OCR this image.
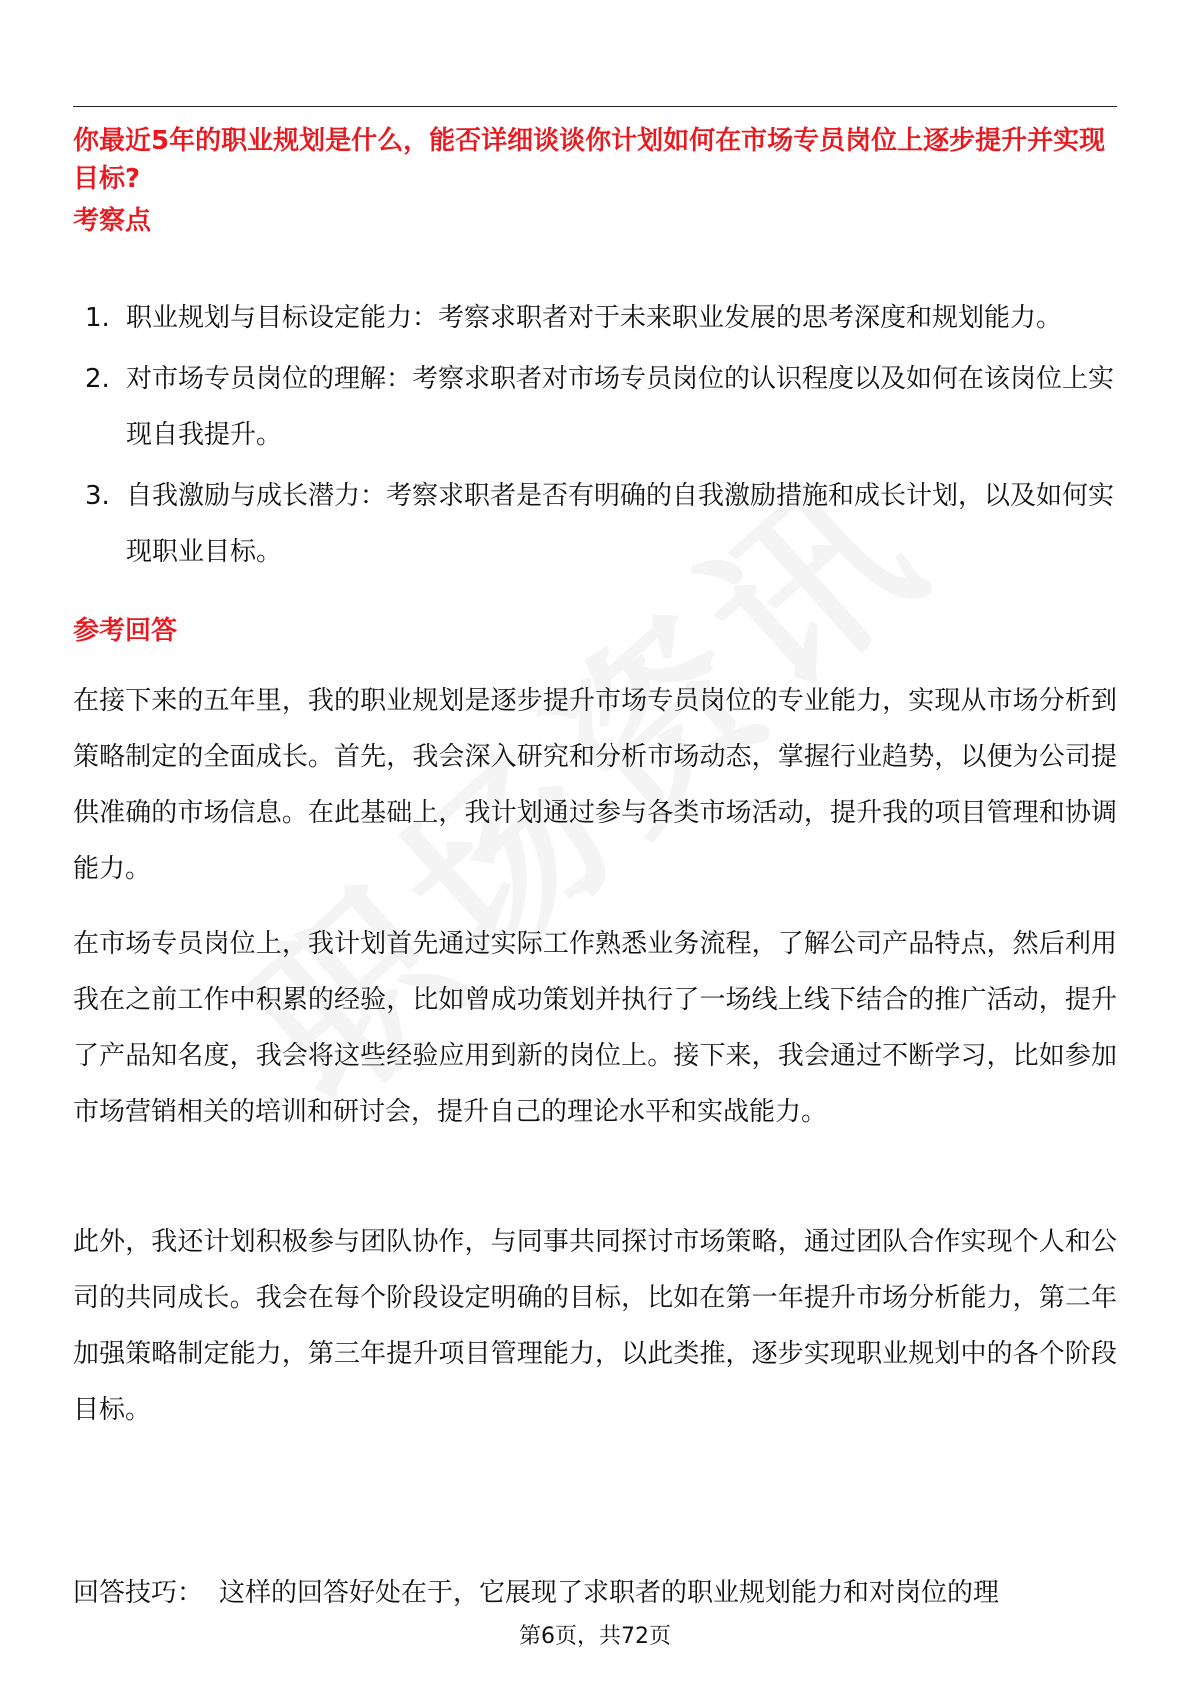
你最近5年的职业规划是什么，能否详细谈谈你计划如何在市场专员岗位上逐步提升并实现目标?
考察点
1. 职业规划与目标设定能力：考察求职者对于未来职业发展的思考深度和规划能力。
2. 对市场专员岗位的理解：考察求职者对市场专员岗位的认识程度以及如何在该岗位上实现自我提升。
3. 自我激励与成长潜力：考察求职者是否有明确的自我激励措施和成长计划，以及如何实现职业目标。
参考回答

在接下来的五年里，我的职业规划是逐步提升市场专员岗位的专业能力，实现从市场分析到策略制定的全面成长。首先，我会深入研究和分析市场动态，掌握行业趋势，以便为公司提供准确的市场信息。在此基础上，我计划通过参与各类市场活动，提升我的项目管理和协调能力。

在市场专员岗位上，我计划首先通过实际工作熟悉业务流程，了解公司产品特点，然后利用我在之前工作中积累的经验，比如曾成功策划并执行了一场线上线下结合的推广活动，提升了产品知名度，我会将这些经验应用到新的岗位上。接下来，我会通过不断学习，比如参加市场营销相关的培训和研讨会，提升自己的理论水平和实战能力。

此外，我还计划积极参与团队协作，与同事共同探讨市场策略，通过团队合作实现个人和公司的共同成长。我会在每个阶段设定明确的目标，比如在第一年提升市场分析能力，第二年加强策略制定能力，第三年提升项目管理能力，以此类推，逐步实现职业规划中的各个阶段目标。

回答技巧： 这样的回答好处在于，它展现了求职者的职业规划能力和对岗位的理

第6页，共72页
